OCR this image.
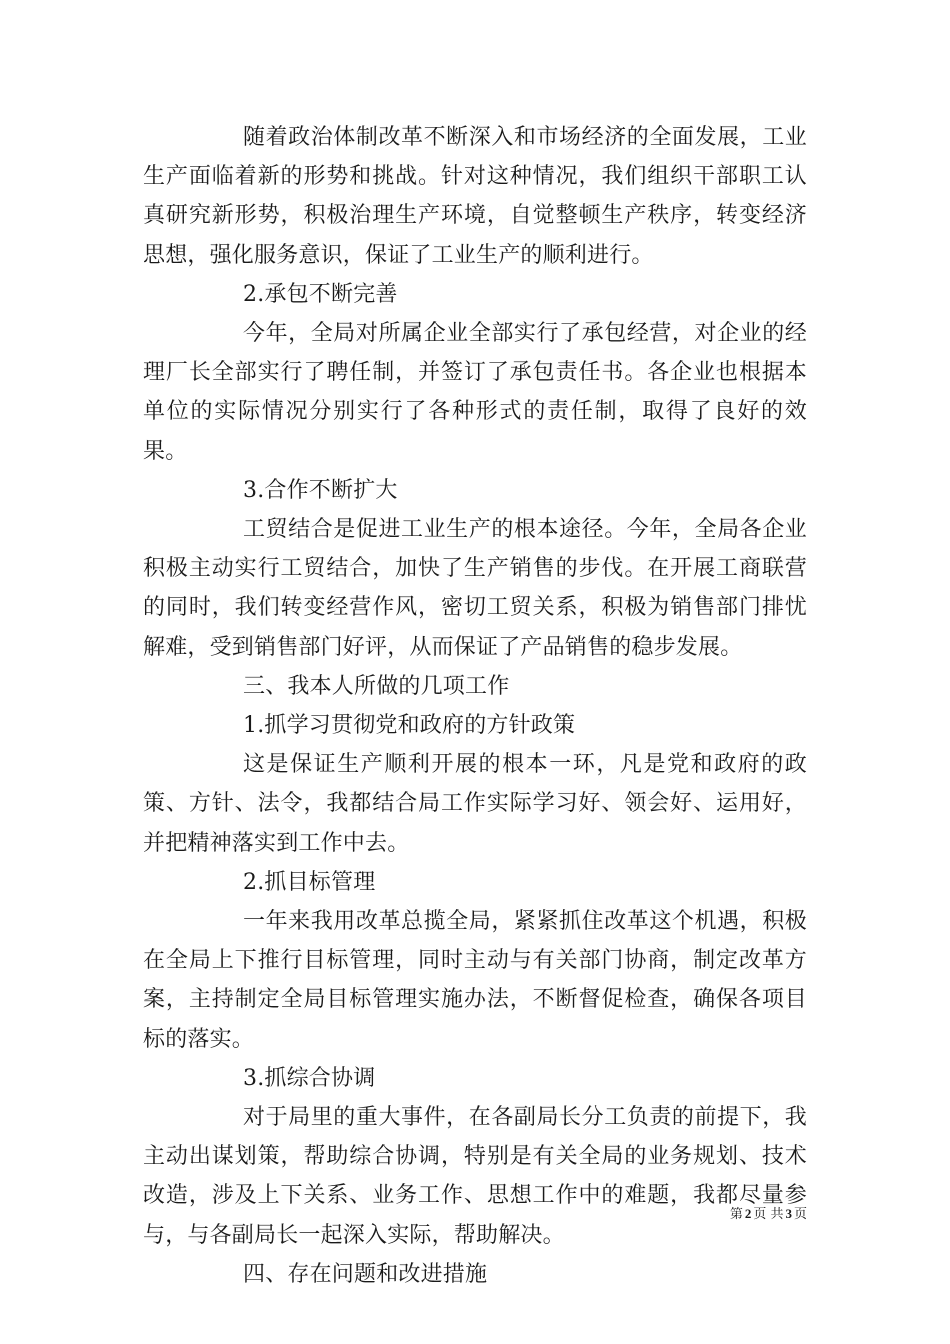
随着政治体制改革不断深入和市场经济的全面发展，工业生产面临着新的形势和挑战。针对这种情况，我们组织干部职工认真研究新形势，积极治理生产环境，自觉整顿生产秩序，转变经济思想，强化服务意识，保证了工业生产的顺利进行。

2.承包不断完善

今年，全局对所属企业全部实行了承包经营，对企业的经理厂长全部实行了聘任制，并签订了承包责任书。各企业也根据本单位的实际情况分别实行了各种形式的责任制，取得了良好的效果。

3.合作不断扩大

工贸结合是促进工业生产的根本途径。今年，全局各企业积极主动实行工贸结合，加快了生产销售的步伐。在开展工商联营的同时，我们转变经营作风，密切工贸关系，积极为销售部门排忧解难，受到销售部门好评，从而保证了产品销售的稳步发展。

三、我本人所做的几项工作

1.抓学习贯彻党和政府的方针政策

这是保证生产顺利开展的根本一环，凡是党和政府的政策、方针、法令，我都结合局工作实际学习好、领会好、运用好，并把精神落实到工作中去。

2.抓目标管理

一年来我用改革总揽全局，紧紧抓住改革这个机遇，积极在全局上下推行目标管理，同时主动与有关部门协商，制定改革方案，主持制定全局目标管理实施办法，不断督促检查，确保各项目标的落实。

3.抓综合协调

对于局里的重大事件，在各副局长分工负责的前提下，我主动出谋划策，帮助综合协调，特别是有关全局的业务规划、技术改造，涉及上下关系、业务工作、思想工作中的难题，我都尽量参与，与各副局长一起深入实际，帮助解决。

四、存在问题和改进措施

第 2 页 共 3 页
